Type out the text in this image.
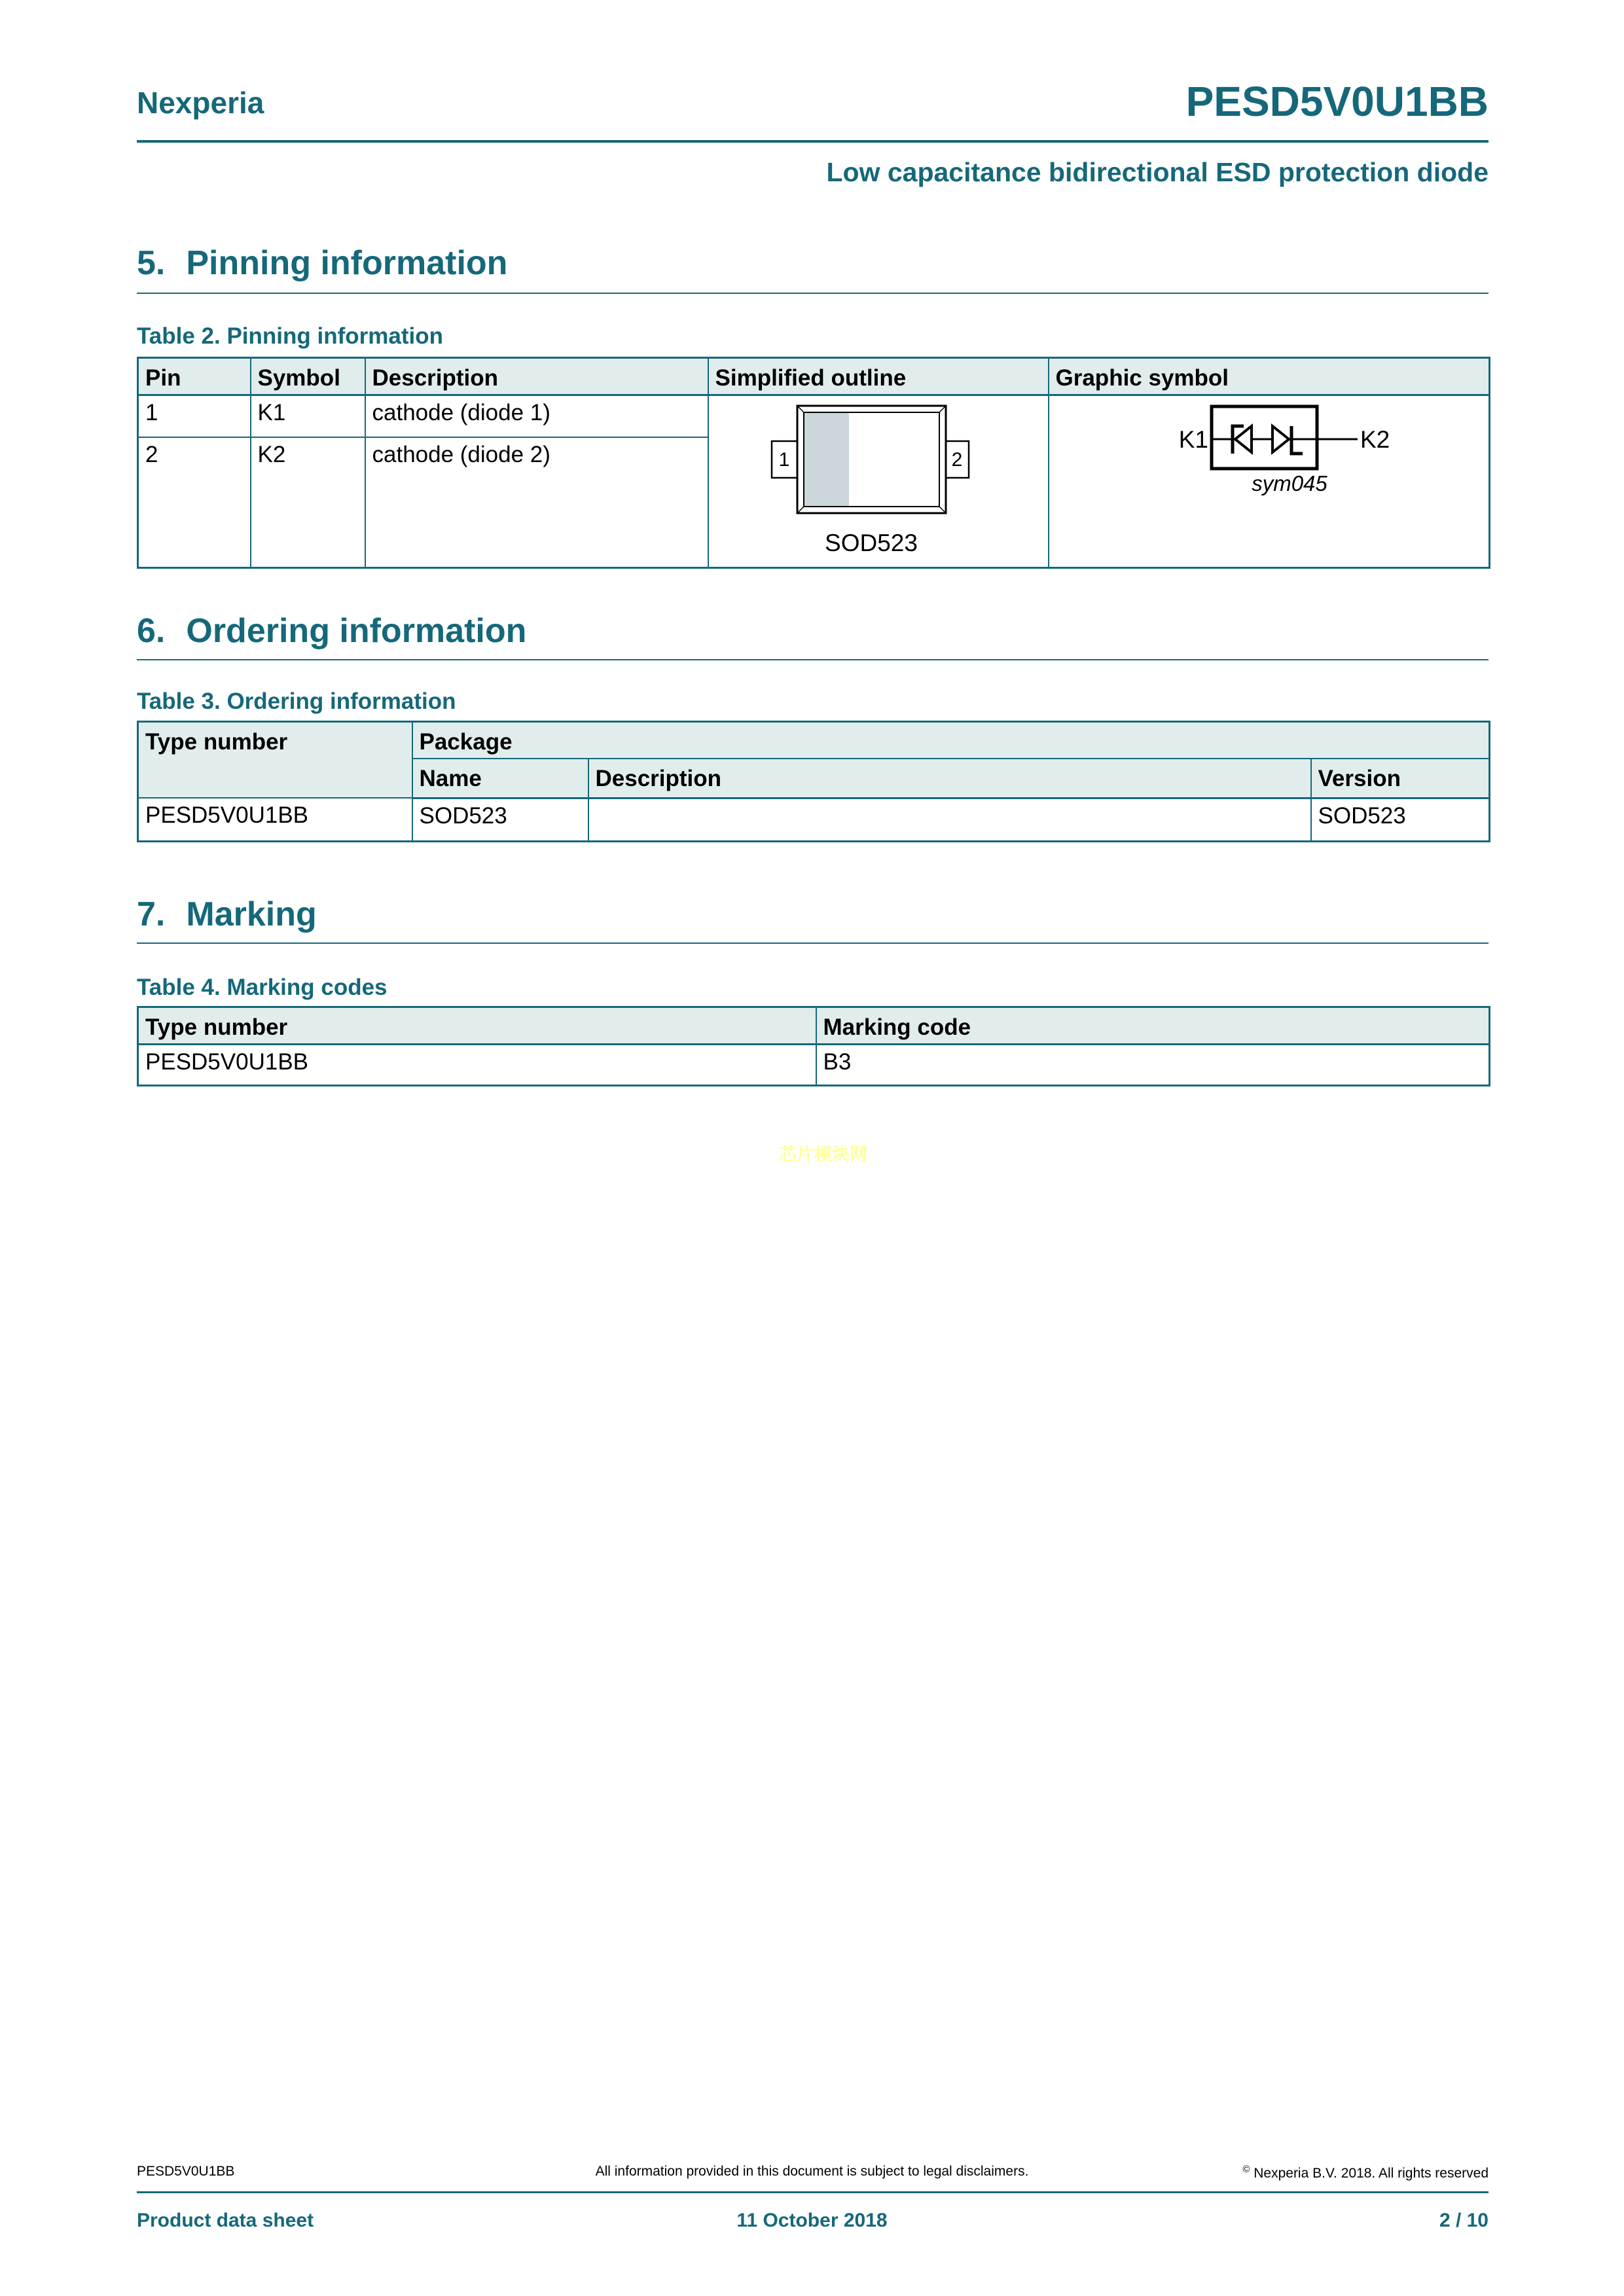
Nexperia	PESD5V0U1BB
Low capacitance bidirectional ESD protection diode
5. Pinning information
Table 2. Pinning information
Pin	Symbol	Description	Simplified outline	Graphic symbol
1	K1	cathode (diode 1)	1 2
SOD523	K1 K2
sym045

2	K2	cathode (diode 2)		
6. Ordering information
Table 3. Ordering information
Type number	Package		
	Name	Description	Version
PESD5V0U1BB	SOD523		SOD523
7. Marking
Table 4. Marking codes
Type number	Marking code
PESD5V0U1BB	B3
芯片模块网
PESD5V0U1BB	All information provided in this document is subject to legal disclaimers.	© Nexperia B.V. 2018. All rights reserved
Product data sheet	11 October 2018	2 / 10
